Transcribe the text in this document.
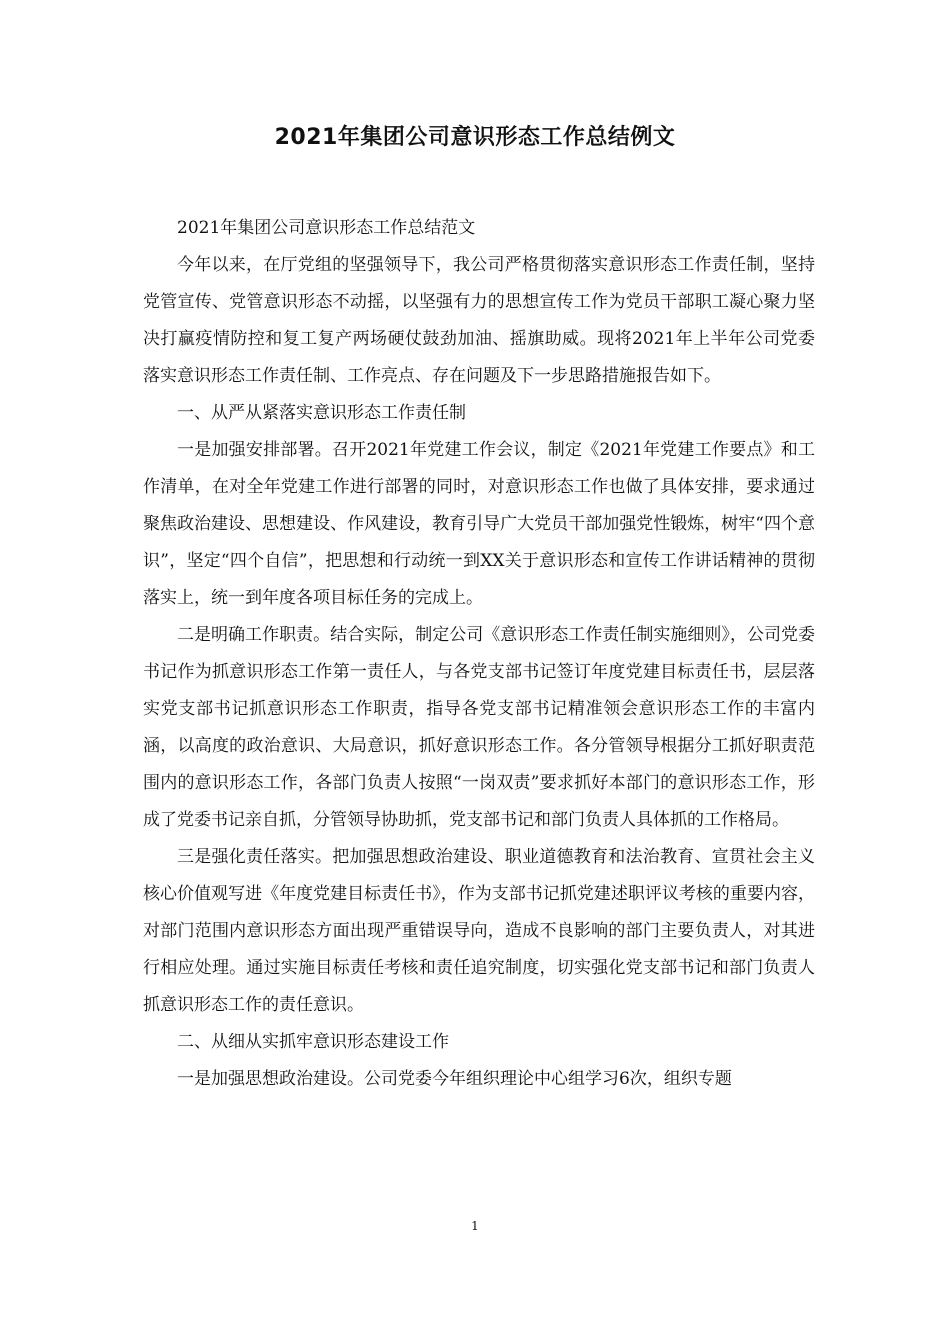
2021年集团公司意识形态工作总结例文

2021年集团公司意识形态工作总结范文

今年以来，在厅党组的坚强领导下，我公司严格贯彻落实意识形态工作责任制，坚持党管宣传、党管意识形态不动摇，以坚强有力的思想宣传工作为党员干部职工凝心聚力坚决打赢疫情防控和复工复产两场硬仗鼓劲加油、摇旗助威。现将2021年上半年公司党委落实意识形态工作责任制、工作亮点、存在问题及下一步思路措施报告如下。

一、从严从紧落实意识形态工作责任制

一是加强安排部署。召开2021年党建工作会议，制定《2021年党建工作要点》和工作清单，在对全年党建工作进行部署的同时，对意识形态工作也做了具体安排，要求通过聚焦政治建设、思想建设、作风建设，教育引导广大党员干部加强党性锻炼，树牢“四个意识”，坚定“四个自信”，把思想和行动统一到XX关于意识形态和宣传工作讲话精神的贯彻落实上，统一到年度各项目标任务的完成上。

二是明确工作职责。结合实际，制定公司《意识形态工作责任制实施细则》，公司党委书记作为抓意识形态工作第一责任人，与各党支部书记签订年度党建目标责任书，层层落实党支部书记抓意识形态工作职责，指导各党支部书记精准领会意识形态工作的丰富内涵，以高度的政治意识、大局意识，抓好意识形态工作。各分管领导根据分工抓好职责范围内的意识形态工作，各部门负责人按照“一岗双责”要求抓好本部门的意识形态工作，形成了党委书记亲自抓，分管领导协助抓，党支部书记和部门负责人具体抓的工作格局。

三是强化责任落实。把加强思想政治建设、职业道德教育和法治教育、宣贯社会主义核心价值观写进《年度党建目标责任书》，作为支部书记抓党建述职评议考核的重要内容，对部门范围内意识形态方面出现严重错误导向，造成不良影响的部门主要负责人，对其进行相应处理。通过实施目标责任考核和责任追究制度，切实强化党支部书记和部门负责人抓意识形态工作的责任意识。

二、从细从实抓牢意识形态建设工作

一是加强思想政治建设。公司党委今年组织理论中心组学习6次，组织专题

1
